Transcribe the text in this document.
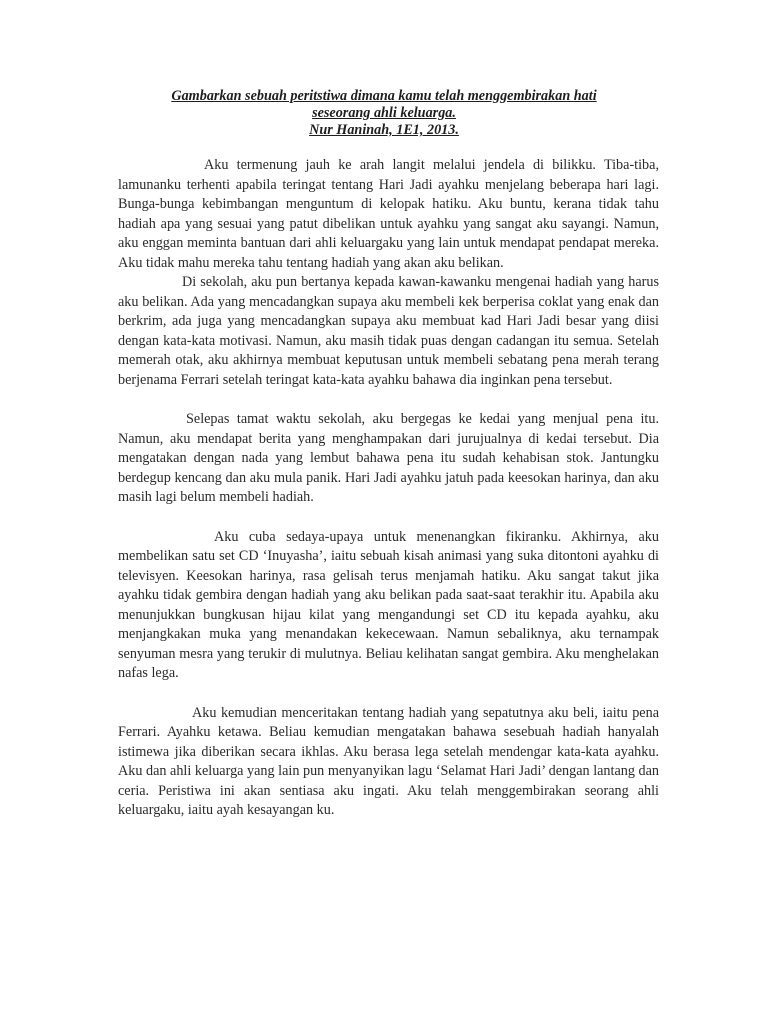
Gambarkan sebuah peritstiwa dimana kamu telah menggembirakan hati
seseorang ahli keluarga.
Nur Haninah, 1E1, 2013.

Aku termenung jauh ke arah langit melalui jendela di bilikku. Tiba-tiba, lamunanku terhenti apabila teringat tentang Hari Jadi ayahku menjelang beberapa hari lagi. Bunga-bunga kebimbangan menguntum di kelopak hatiku. Aku buntu, kerana tidak tahu hadiah apa yang sesuai yang patut dibelikan untuk ayahku yang sangat aku sayangi. Namun, aku enggan meminta bantuan dari ahli keluargaku yang lain untuk mendapat pendapat mereka. Aku tidak mahu mereka tahu tentang hadiah yang akan aku belikan.

Di sekolah, aku pun bertanya kepada kawan-kawanku mengenai hadiah yang harus aku belikan. Ada yang mencadangkan supaya aku membeli kek berperisa coklat yang enak dan berkrim, ada juga yang mencadangkan supaya aku membuat kad Hari Jadi besar yang diisi dengan kata-kata motivasi. Namun, aku masih tidak puas dengan cadangan itu semua. Setelah memerah otak, aku akhirnya membuat keputusan untuk membeli sebatang pena merah terang berjenama Ferrari setelah teringat kata-kata ayahku bahawa dia inginkan pena tersebut.

Selepas tamat waktu sekolah, aku bergegas ke kedai yang menjual pena itu. Namun, aku mendapat berita yang menghampakan dari jurujualnya di kedai tersebut. Dia mengatakan dengan nada yang lembut bahawa pena itu sudah kehabisan stok. Jantungku berdegup kencang dan aku mula panik. Hari Jadi ayahku jatuh pada keesokan harinya, dan aku masih lagi belum membeli hadiah.

Aku cuba sedaya-upaya untuk menenangkan fikiranku. Akhirnya, aku membelikan satu set CD ‘Inuyasha’, iaitu sebuah kisah animasi yang suka ditontoni ayahku di televisyen. Keesokan harinya, rasa gelisah terus menjamah hatiku. Aku sangat takut jika ayahku tidak gembira dengan hadiah yang aku belikan pada saat-saat terakhir itu. Apabila aku menunjukkan bungkusan hijau kilat yang mengandungi set CD itu kepada ayahku, aku menjangkakan muka yang menandakan kekecewaan. Namun sebaliknya, aku ternampak senyuman mesra yang terukir di mulutnya. Beliau kelihatan sangat gembira. Aku menghelakan nafas lega.

Aku kemudian menceritakan tentang hadiah yang sepatutnya aku beli, iaitu pena Ferrari. Ayahku ketawa. Beliau kemudian mengatakan bahawa sesebuah hadiah hanyalah istimewa jika diberikan secara ikhlas. Aku berasa lega setelah mendengar kata-kata ayahku. Aku dan ahli keluarga yang lain pun menyanyikan lagu ‘Selamat Hari Jadi’ dengan lantang dan ceria. Peristiwa ini akan sentiasa aku ingati. Aku telah menggembirakan seorang ahli keluargaku, iaitu ayah kesayangan ku.
